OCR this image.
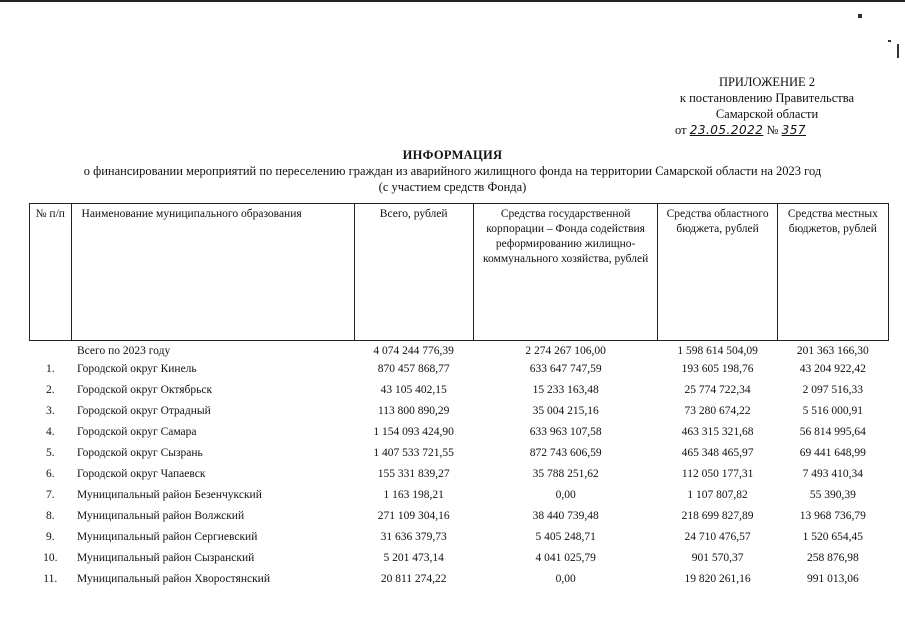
ПРИЛОЖЕНИЕ 2
к постановлению Правительства
Самарской области
от 23.05.2022 № 357
ИНФОРМАЦИЯ
о финансировании мероприятий по переселению граждан из аварийного жилищного фонда на территории Самарской области на 2023 год
(с участием средств Фонда)
№ п/п	Наименование муниципального образования	Всего, рублей	Средства государственной корпорации – Фонда содействия реформированию жилищно-коммунального хозяйства, рублей	Средства областного бюджета, рублей	Средства местных бюджетов, рублей
	Всего по 2023 году	4 074 244 776,39	2 274 267 106,00	1 598 614 504,09	201 363 166,30
1.	Городской округ Кинель	870 457 868,77	633 647 747,59	193 605 198,76	43 204 922,42
2.	Городской округ Октябрьск	43 105 402,15	15 233 163,48	25 774 722,34	2 097 516,33
3.	Городской округ Отрадный	113 800 890,29	35 004 215,16	73 280 674,22	5 516 000,91
4.	Городской округ Самара	1 154 093 424,90	633 963 107,58	463 315 321,68	56 814 995,64
5.	Городской округ Сызрань	1 407 533 721,55	872 743 606,59	465 348 465,97	69 441 648,99
6.	Городской округ Чапаевск	155 331 839,27	35 788 251,62	112 050 177,31	7 493 410,34
7.	Муниципальный район Безенчукский	1 163 198,21	0,00	1 107 807,82	55 390,39
8.	Муниципальный район Волжский	271 109 304,16	38 440 739,48	218 699 827,89	13 968 736,79
9.	Муниципальный район Сергиевский	31 636 379,73	5 405 248,71	24 710 476,57	1 520 654,45
10.	Муниципальный район Сызранский	5 201 473,14	4 041 025,79	901 570,37	258 876,98
11.	Муниципальный район Хворостянский	20 811 274,22	0,00	19 820 261,16	991 013,06
